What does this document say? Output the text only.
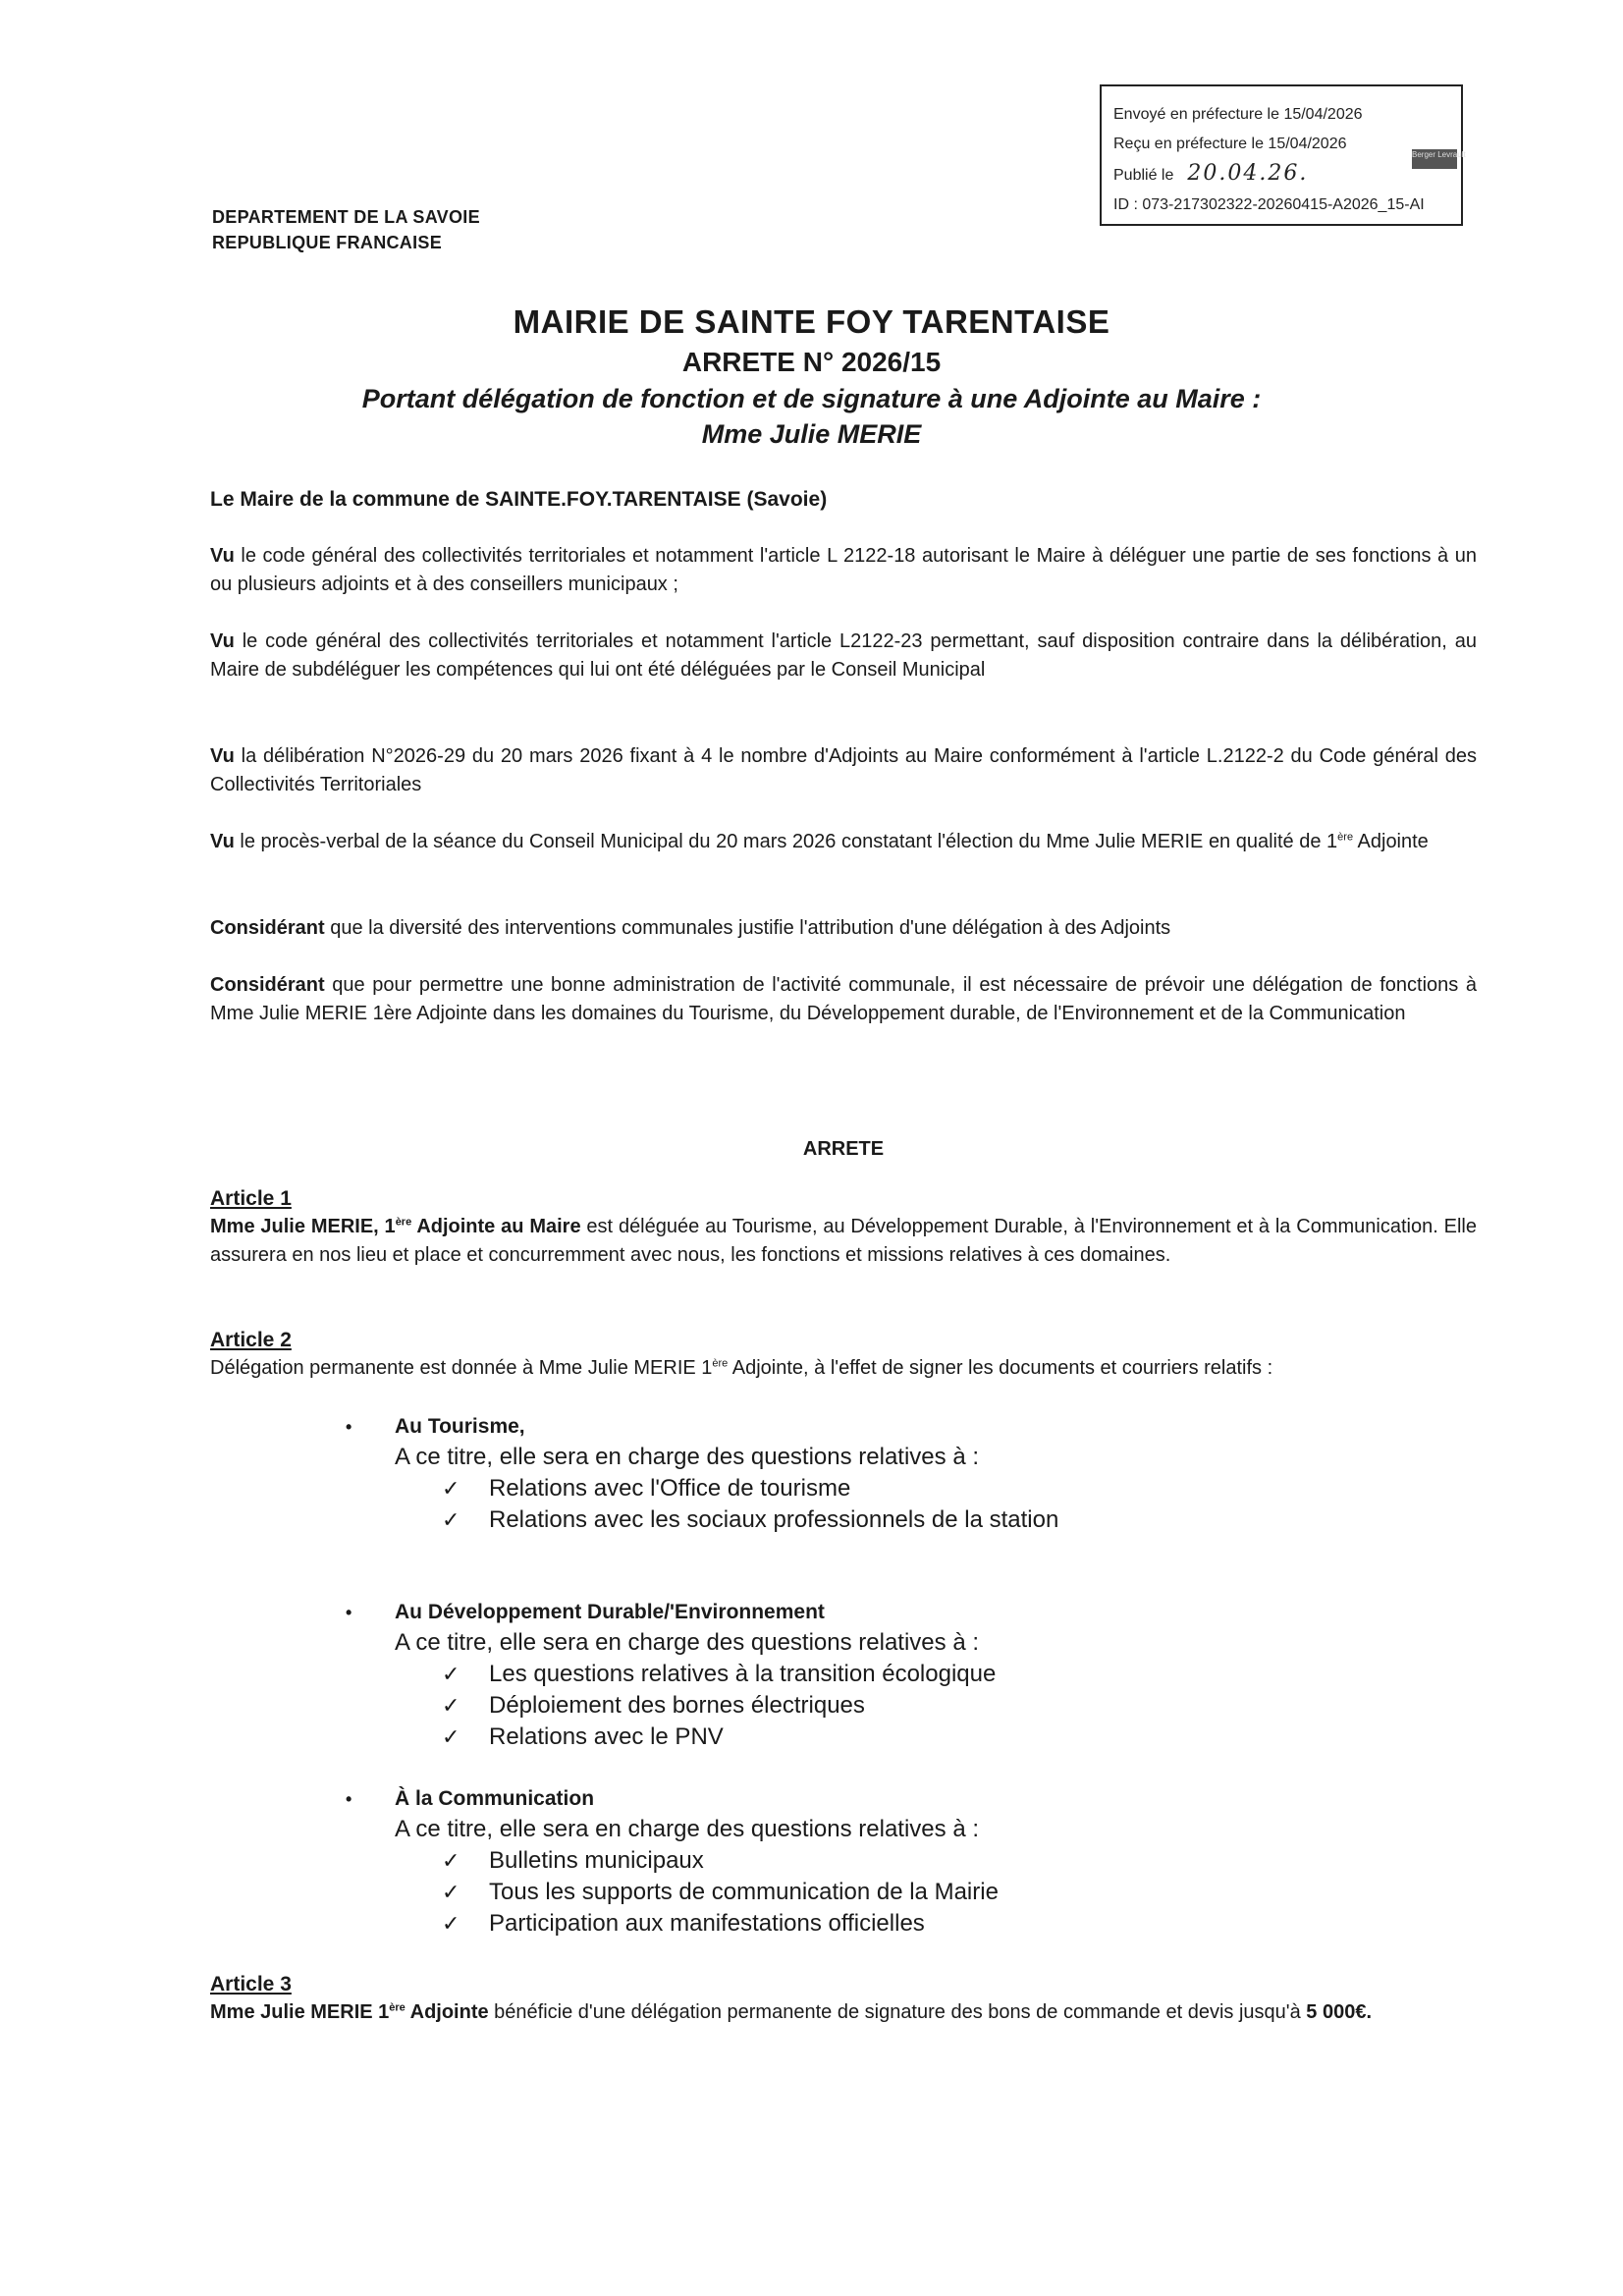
Envoyé en préfecture le 15/04/2026
Reçu en préfecture le 15/04/2026
Publié le 20.04.26.
ID : 073-217302322-20260415-A2026_15-AI
Berger Levrault
DEPARTEMENT DE LA SAVOIE
REPUBLIQUE FRANCAISE
MAIRIE DE SAINTE FOY TARENTAISE
ARRETE N° 2026/15
Portant délégation de fonction et de signature à une Adjointe au Maire :
Mme Julie MERIE
Le Maire de la commune de SAINTE.FOY.TARENTAISE (Savoie)
Vu le code général des collectivités territoriales et notamment l'article L 2122-18 autorisant le Maire à déléguer une partie de ses fonctions à un ou plusieurs adjoints et à des conseillers municipaux ;
Vu le code général des collectivités territoriales et notamment l'article L2122-23 permettant, sauf disposition contraire dans la délibération, au Maire de subdéléguer les compétences qui lui ont été déléguées par le Conseil Municipal
Vu la délibération N°2026-29 du 20 mars 2026 fixant à 4 le nombre d'Adjoints au Maire conformément à l'article L.2122-2 du Code général des Collectivités Territoriales
Vu le procès-verbal de la séance du Conseil Municipal du 20 mars 2026 constatant l'élection du Mme Julie MERIE en qualité de 1ère Adjointe
Considérant que la diversité des interventions communales justifie l'attribution d'une délégation à des Adjoints
Considérant que pour permettre une bonne administration de l'activité communale, il est nécessaire de prévoir une délégation de fonctions à Mme Julie MERIE 1ère Adjointe dans les domaines du Tourisme, du Développement durable, de l'Environnement et de la Communication
ARRETE
Article 1
Mme Julie MERIE, 1ère Adjointe au Maire est déléguée au Tourisme, au Développement Durable, à l'Environnement et à la Communication. Elle assurera en nos lieu et place et concurremment avec nous, les fonctions et missions relatives à ces domaines.
Article 2
Délégation permanente est donnée à Mme Julie MERIE 1ère Adjointe, à l'effet de signer les documents et courriers relatifs :
• Au Tourisme,
A ce titre, elle sera en charge des questions relatives à :
✓ Relations avec l'Office de tourisme
✓ Relations avec les sociaux professionnels de la station
• Au Développement Durable/'Environnement
A ce titre, elle sera en charge des questions relatives à :
✓ Les questions relatives à la transition écologique
✓ Déploiement des bornes électriques
✓ Relations avec le PNV
• À la Communication
A ce titre, elle sera en charge des questions relatives à :
✓ Bulletins municipaux
✓ Tous les supports de communication de la Mairie
✓ Participation aux manifestations officielles
Article 3
Mme Julie MERIE 1ère Adjointe bénéficie d'une délégation permanente de signature des bons de commande et devis jusqu'à 5 000€.
